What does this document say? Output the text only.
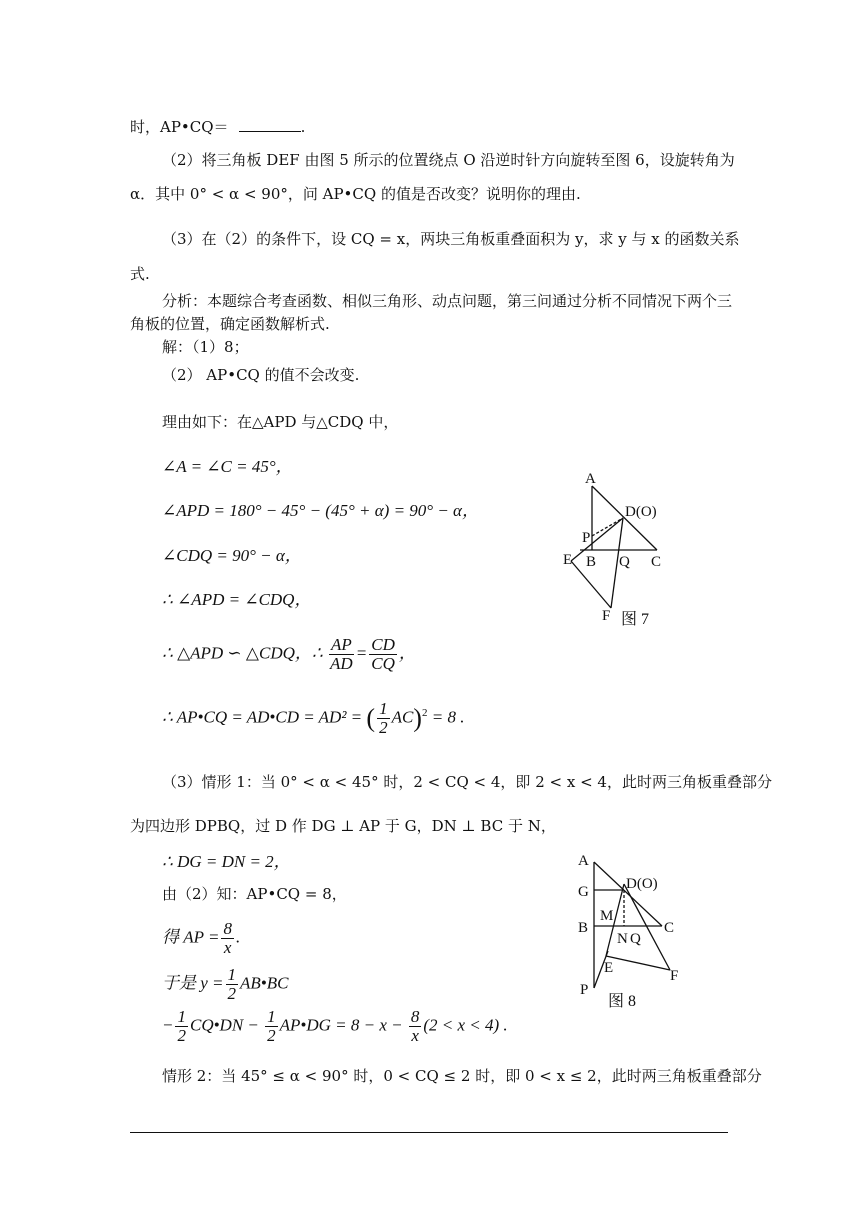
时，AP•CQ＝	.
（2）将三角板 DEF 由图 5 所示的位置绕点 O 沿逆时针方向旋转至图 6，设旋转角为
α．其中 0° < α < 90°，问 AP•CQ 的值是否改变？说明你的理由.
（3）在（2）的条件下，设 CQ = x，两块三角板重叠面积为 y，求 y 与 x 的函数关系
式.
分析：本题综合考查函数、相似三角形、动点问题，第三问通过分析不同情况下两个三
角板的位置，确定函数解析式.
解：（1）8；
（2） AP•CQ 的值不会改变.
理由如下：在△APD 与△CDQ 中，
∠A = ∠C = 45°，
∠APD = 180° − 45° − (45° + α) = 90° − α，
∠CDQ = 90° − α，
∴ ∠APD = ∠CDQ，
∴ △APD ∽ △CDQ，∴ $\frac{AP}{AD} = \frac{CD}{CQ}$ ，
∴ AP•CQ = AD•CD = AD² = ( $\frac{1}{2} AC)^2 = 8$ .
（3）情形 1：当 0° < α < 45° 时，2 < CQ < 4，即 2 < x < 4，此时两三角板重叠部分
为四边形 DPBQ，过 D 作 DG ⊥ AP 于 G，DN ⊥ BC 于 N，
∴ DG = DN = 2，
由（2）知：AP•CQ = 8，
得 AP = $\frac{8}{x}$ .
于是 $y = \frac{1}{2}$ AB•BC
− $\frac{1}{2}$ CQ•DN − $\frac{1}{2}$ AP•DG = $8 - x - \frac{8}{x} (2 < x < 4)$ .
情形 2：当 45° ≤ α < 90° 时，0 < CQ ≤ 2 时，即 0 < x ≤ 2，此时两三角板重叠部分
A
D(O)
P
E B Q C
F 图 7
A
G D(O)
M
B
N Q
C
E	F
P
图 8
